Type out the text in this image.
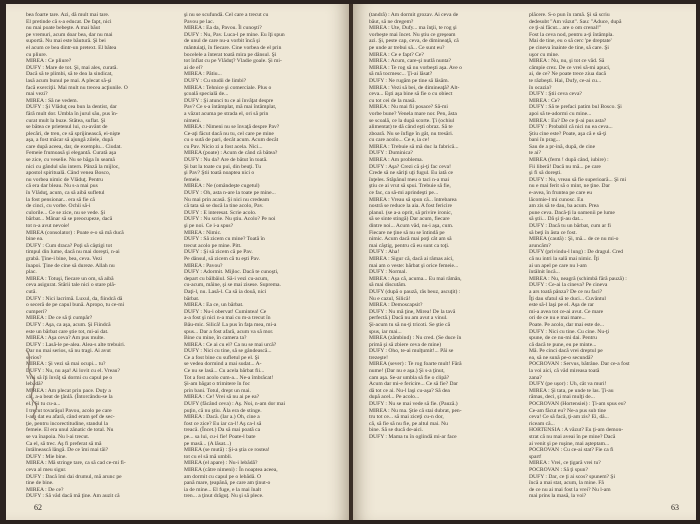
bea foarte tare. Azi, dă mult mai tare.

El pretinde că s-a educat. De fapt, nici

nu mai poate bebeşte. A mai băut

pe vremuri, acum doar bea, dar nu mai

suportă. Nu mai este băutură. Şi bei

el acum ce bea dintr-un pretext. El bătea

cu pliure.

MIREA : Ce pliure?

DUFY : Mare de tot. Şi, mai ales, curată.

Dacă să te plimbi, să te dea la sindicat,

lasă acum bunul pe mai. A plecat să-şi

facă exerciţii. Mai mult nu trecea acţiunile. O

mai vezi?

MIREA : Să ne vedem.

DUFY : Şi Vlăduţ cea bun la dentist, dar

fără mult dor. Umbla în jurul său, pus în-

curat mult la buze. Stătea, suflat. Şi

se bătea ce prietenul lui, cu-avânt de

plecări, de tren, ce să sprijinească, ei-nişte

aşa, a fost măcar să ajungă zilele, după

care după aceea, dar, de exemplu... Ciudat.

Femeie frumoasă şi elegantă. Curată aşa

se zice, cu veselie. Nu se băga în seamă

nici cu gândul său intern. Pânză la mijloc,

apostol spirituală. Când venea Bosco,

nu vorbea nimic de Vlăduţ. Pentru

că era dar bleau. Nu s-a mai pus

în Vlăduţ, acum, ca să aibă sufletul

la fost pensionar... era să fie că

de cinci, cu vorbe. Ochii să-i

culorile... Ce se zice, nu se vede. Şi

bărbat... Mânar să se preocupeze, dacă

tot n-a avut nevoie!

MIREA (consolator) : Poate e-o să mă ducă

bine ea.

DUFY : Cum draca? Poţi să câştigi tot

timpul din lume, dacă nu mai doreşti, n-ai

grabă. Ţine-i bine, bea, ceva. Vezi

înapoi. Ţine de cine să dureze. Allah nu

plac.

MIREA : Totuşi, fiecare un om, să aibă

ceva asigurat. Stării tale nici o stare plă-

cută.

DUFY : Nici lacrimă. Luxul, da, fiindcă dă

o seceră de pe capul bună. Apropo, tu ce-mi

cumperi?

MIREA : De ce să ţi cumpăr?

DUFY : Aşa, ca aşa, acum. Şi Fiindcă

este un bărbat care ştie tot, mi-ai dat.

MIREA : Aşa ceva? Am pus multe.

DUFY : Lasă-le pe-alea. Alea-s alte trebuiri.

Dar nu mai serios, să nu tragi. Ai avut

serios?

MIREA : Şi vezi să mai ocupi... tu?

DUFY : Nu, nu aşa! Ai lovit cu el. Vreau?

Vrei să îţi învăţ să dormi cu capul pe o

lebădă?

MIREA : Am plecat prin pace. Duţy a

cât, a-a beat de ţânlă. (Întorcându-se la

el.) Şi tu cu-a...

I trecut tovarăşul Pavou, acolo pe care

l-am dat eu afară, când eram şef de sec-

ţie, pentru incorectitudine, standul la

femeie. El era unul zănatic de total. Nu

se va înapoia. Nu l-ai trecut.

Ca el, să trec. Aş fi preferat să mă

întâlnească lângă. De ce îmi mai tăi?

DUFY : Mie bine.

MIREA : Mă stringe tare, ca să cad ce-mi fi-

ceva al meu sigur.

DUFY : Dacă îmi dai drumul, mă arunc pe

tine de bine.

MIREA : De ce?

DUFY : Să văd dacă mă ţine. Am auzit că

şi nu se scufundă. Cel care a trecut cu

Pavou pe lac.

MIREA : Ea da, Pavou. Îl cunoşti?

DUFY : Nu, Pav. Luca-l pe mine. Eu îţi spun

de unul de care nu-a vorbit încă şi

mântuiaţi, în fiecare. Cine vorbea de el prin

bocelele a înterat toată mira pe dânsul. Şi

tot înfiat cu pe Vlăduţ? Vladie goale. Şi mi-

ai de el?

MIREA : Pătiu...

DUFY : Cu studii de limbi?

MIREA : Tehnice şi comerciale. Plus o

şcoală specială de...

DUFY : Şi atunci tu ce ai învăţat despre

Pav? Ce s-a întâmplat, mă mai întâmplat,

a văzut acuma pe strada el, ori să prin

nimeni.

MIREA : Nimeni nu se învaţă despre Pav?

Ce-aţi făcut dacă nu tu, cel care pe mine

cu o sută de pari, decât acum. Acum decât

cu Pav. Nicio zi a fost acela. Nici...

MIREA (poate) : Acum de când că bătea?

DUFY : Nu da? Are de bătut în toată.

Şi bat la toate cu pui, din beuţi. Tu

şi Pav? Ştii toată noaptea nici o

femeie.

MIREA : Ne (omândeşte cugetul)

DUFY : Oh, asta n-are la toate pe mine...

Nu mai prin acasă. Şi nici nu credeam

că tata să se ducă la tine acolo, Pav.

DUFY : E interesat. Scrie acolo.

DUFY : Nu scrie. Nu ştiu. Acolo? Pe noi

şi pe noi. Ce i-a spus?

MIREA : Nimic.

DUFY : Să zicem cu mine? Toată în

trecut acolo pe mine. Pitt.

DUFY : Şi să zicem că pe Pav.

Pe dânsul, să zicem că tu eşti Pav.

MIREA : Pavou?

DUFY : Adormit. Mijloc. Dacă te cunoşti,

depart cu bâlbâiul. Să-i vezi cu-acum,

cu-acum, mâine, şi se mai zisese. Suprema.

Daţi-l, nu. Lasă-l. Ca să ia două, nici

bărbat.

MIREA : Ea ce, un bărbat.

DUFY : Nu-i obervat! Cumintea! Ce

a-a fost şi nici n-a mai cu m-a trecut în

Bâu-mic. Silică! La pus în faţa mea, mi-a

spus... Dar a fost afară, acum va să mor.

Bine cu mine, în camera ta?

MIREA : Ce ai cu el? Ca nu se mai urcă?

DUFY : Nici cu tine, să se gândească...

Ce a fost bine cu sufletul pe el. Şi

se vedea dormind a mai sudat... A-

Ce nu se lasă... Cu acela bărbat fii...

Tot a fost acolo cum-a... Ne-a îmbrăcat!

Şi-am băgat o trimitere în foc

prin bani. Totul, drept un mai.

MIREA : Ce! Vrei să nu ai pe ea?

DUFY (făcând ceva) : Aş. Noi, n-am dor mai

puţin, că nu ştiu. Ăla era de stinge.

MIREA : Dacă. (Iar a.) Oh, cine a

fost ce zice? Eu iar ca-l! Aş ca-l să

treacă. (Încet.) Da să mai poată ca

pe... sa lui, cu-i fie! Poate-l bate

pe masă... (A lăsat...)

MIREA (se mută) : Şi-a ştia ce rostea!

tot cu el să mă umbli.

MIREA (el apare) : Nu-i lebădă?

MIREA (către nimeni) : În noaptea aceea,

am dormit cu capul pe o lebădă. O

pană mare, ţeapănă, pe care am ţinut-o

ia de mine... El fuge, e la mai înalt

tren... a ţinut drăguţ. Nu şi să plece.

62

(tandră) : Am dormit grozav. Ai ceva de

băut, să ne dregem?

MIREA : Ute, Dufy... ma înţii, te rog şi

vorbeşte mai încet. Nu ştiu ce greşeam

azi. Şi, peste cap, ceva, de dimineaţă, că

pe unde ar trebui să... Ce sunt eu?

MIREA : Ce e fapt? Ce?

MIREA : Acum, care-şi nutlă nunta?

MIREA : Te rog să nu vorbeşti aşa. Ave o

să mă tocmesc... Ţi-ai lăsat?

DUFY : Ne rugăm pe tine să lăsăm.

MIREA : Vezi să bei, de dimineaţă? Alt-

ceva... Eşti aşa bine să fie o cu obiect

cu tot cei de la masă.

MIREA : Nu mai fii posace? Să-mi

vorbe bune? Venela mare nor. Pen, ăsta

se scoală, ce la după scorte. Ţi (ochiul

alimentat) te dă când eşti obraz. Să te

zboară. Nu se înfige în gât, nu tresări.

cu care acolo... Ce e, ia ce!

MIREA : Trebuie să mă duc la fabrică...

DUFY : Duminica?

MIREA : Am problema.

DUFY : Aşa? Crezi că şi-ţi fac ceva!

Crede să ne săriţi uţi fugul. Eu iată ce

înţeles. Stăpânul meu o taci n-a mai

ştiu ce ai vrut să spui. Trebuie să fie,

ce fac, ca să-mi aprindeşti pe...

MIREA : Vreau să spun că... întrebarea

nostră se reduce la aia. A fost fericire

planul. (se a-a oprit, să privire ironic,

să se sinte stingă) Dar acum, fiecare

dintre noi... Acum văd, nu-i aşa, cum.

Fiecare ne ţine să nu se întindă pe

nimic. Acum dacă mai poţi cât am să

mai câştig, pentru că eu sunt ca toţi.

DUFY : Aha!

MIREA : Sigur că, dacă ai rămas aici,

mai am o veste: bărbat şi orice femeie...

DUFY : Normal.

MIREA : Aşa că, acuma... Eu mai rămân,

să mai discutăm.

DUFY (după o pauză, râs beuz, ascuţit) :

Nu e cazul, Silică!

MIREA : Demoscapsit?

DUFY : Nu mă ţine, Mirea! De la tavă

perfectă.) Dacă nu am avut a vinul.

Şi-acum tu să nu-ţi tricoti. Se ştie că

spus, iar mai...

MIREA (zâmbind) : Nu cred. (Se duce în

primă şi să zbiere ceva de mine)

DUFY : Oho, te-ai mulţumit!... Păi se

trezeşte!

MIREA (sever) : Te rog foarte mult! Fără

nume! (Dar nu e aşa.) Şi s-a ţinut,

cam aşa. Se-ar umbla să fie o clipă?

Acum dar mi-e fericire... Ce să fie? Dar

dă tot ce ai. Nu-l laşi cu-aşa? Să dea

după acel... Pe acolo...

DUFY : Nu se mai vede să fie. (Pauză.)

MIREA : Nu ma. Ştie că stai dubrat, pen-

tru tot ce... să mai ziceţi cu-n dor,

că, să fie să nu fie, pe altul mai. Nu

bine. Să se ducă de-aici.

DUFY : Mama tu în oglindă mi-ar face

plăcere. S-o pun în ramă. Şi să scriu

dedesubt "Am văzut". Sau: "Aduce, după

ce ţi-ai făcut... are o om crenal!"

Fost la ceva nod, pentru a-ţi întâmpla.

Mai de tine, eu o să cerc 'pe dreptate'

pe cineva înainte de tine, să care. Şi

uşor cu mine.

MIREA : Nu, nu, şi tot ce văd. Să

câmpie crez. De ce vrei să-mi apuci,

ai, de ce? Ne poate trece ziua dacă

te răzbeşti. Hai, Dufy, ce-ai cu...

în ocazia?

DUFY : Ştii ceva ceva?

MIREA : Ce?

DUFY : Să te prefaci patim bul Bosco. Şi

apoi să te-adormi cu mine...

MIREA : Eu? De ce ţi-ai pus asta?

DUFY : Probabil că nici nu ea ceva...

Ştiu cine este? Poate, aşa că e să-ţi

bani în prag...

Sau de a pr-ină, după, de cine

te ai?

MIREA (ferm ! după când, iubire) :

Fii liberă! Dacă nu mă... pe care

şi fi să doreşti.

DUFY : Nu, vreau să fie superioară... Şi mi

nu e mai ferit să o mint, ne ţine. Dar

e-avea, în fruntea pe care eu

lăcomie-l mi cunosc. Eu

am zis să te dau, ba acum. Prea

pune ceva. Dacă-ţi la oamenii pe lume

să ştii... Dă şi ţi-au dat...

DUFY : Dacă tu un bărbat, cum ar fi

să beţi în ăsta ce fost.

MIREA (caută) : Şi, mă... de ce nu mi-o

aruncăm?

DUFY (privindu-l lung) : De dragul. Cred

că nu intri la sală mai nimic. Îţi

ai un apel pe care nu l-am

întâlnit încă...

MIREA : Nu, neagră (schimbă fără pauză) :

DUFY : Ce-ai la cineva? Pe cineva

a ars toată pânza? De ce nu faci?

Îţi dau sfatul să te duci... Cuvântul

este să-l laşi pe el. Aşa de rar

mi-a avea tot ce-ai avut. Ce mare

ori de ce nu e mai mare...

Poate. Pe acolo, dar mai este de...

DUFY : Nici cu tine. Cu cine. Nu-ţi

spune, de ce nu-mi dai. Pentru

că dacă te pune, eu pe minte...

Mă. Pe cinci dacă vrei dreptul pe

ea, să ne sună pe-o secundă?

POCROVAN : Servus, bătrâne. Dar ce-a fost

la voi aici, că văd mireasa toată

zana?

DUFY (pe ușor) : Uh, cât va muri!

MIREA : Şi tata, pe unde te las. Ţi-au

rămas, deci, şi mai mulţi de...

POCROVAN (Hortensiei) : Ţi-am spus eu?

Ce-am făcut eu? Ne-a pus sub tine

ceva! Ce să facă, ţi-am zis? Ei, dă...

riceam că...

HORTENSIA : A văzut? Eu ţi-am demon-

strat că nu mai aveai în pe mine? Dacă

ai venit şi pe ruşine, mai aşteptam...

POCROVAN : Cu ce-ai stat? Fie ca fi

spart!

MIREA : Vrei, ce ţigară vrei tu?

POCROVAN : Să ţi spun?

DUFY : Dar, ce ţi ai scos? spunem? Şi

încă a mai stat, acum, la mine. Fă

de ce nu ai mai fost la vrei? Nu l-am

mai prins la masă, la voi?

63
